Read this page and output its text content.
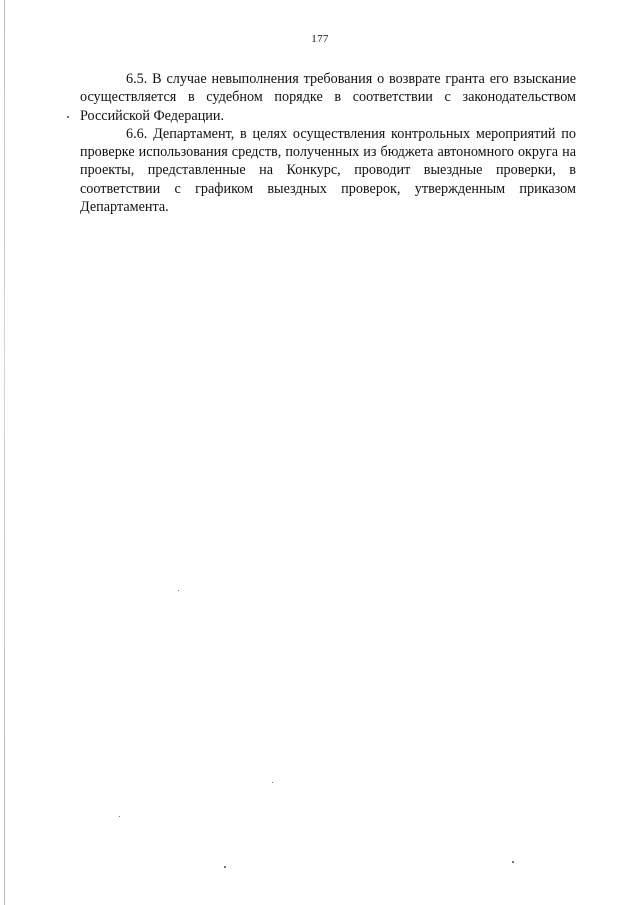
177

6.5. В случае невыполнения требования о возврате гранта его взыскание осуществляется в судебном порядке в соответствии с законодательством Российской Федерации.

6.6. Департамент, в целях осуществления контрольных мероприятий по проверке использования средств, полученных из бюджета автономного округа на проекты, представленные на Конкурс, проводит выездные проверки, в соответствии с графиком выездных проверок, утвержденным приказом Департамента.
